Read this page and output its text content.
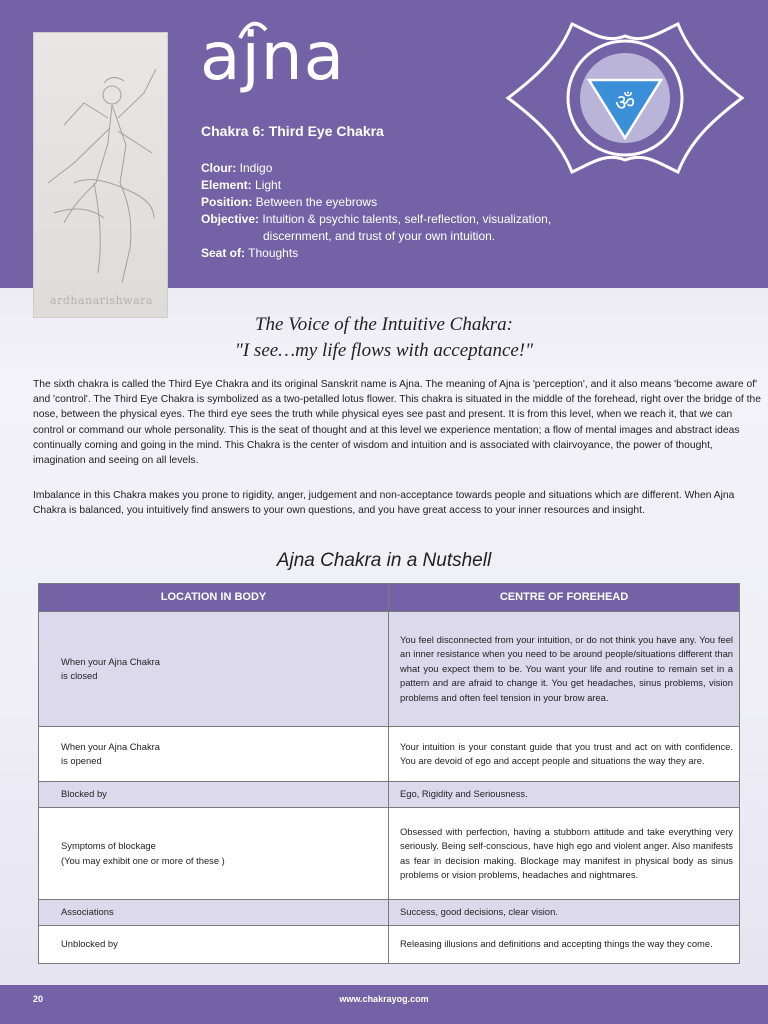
ardhanarishwara
ajna
ॐ
Chakra 6: Third Eye Chakra
Clour: Indigo
Element: Light
Position: Between the eyebrows
Objective: Intuition & psychic talents, self-reflection, visualization,
discernment, and trust of your own intuition.
Seat of: Thoughts
The Voice of the Intuitive Chakra:
"I see…my life flows with acceptance!"
The sixth chakra is called the Third Eye Chakra and its original Sanskrit name is Ajna. The meaning of Ajna is 'perception', and it also means 'become aware of' and 'control'. The Third Eye Chakra is symbolized as a two-petalled lotus flower. This chakra is situated in the middle of the forehead, right over the bridge of the nose, between the physical eyes. The third eye sees the truth while physical eyes see past and present. It is from this level, when we reach it, that we can control or command our whole personality. This is the seat of thought and at this level we experience mentation; a flow of mental images and abstract ideas continually coming and going in the mind. This Chakra is the center of wisdom and intuition and is associated with clairvoyance, the power of thought, imagination and seeing on all levels.
Imbalance in this Chakra makes you prone to rigidity, anger, judgement and non-acceptance towards people and situations which are different. When Ajna Chakra is balanced, you intuitively find answers to your own questions, and you have great access to your inner resources and insight.
Ajna Chakra in a Nutshell
LOCATION IN BODY	CENTRE OF FOREHEAD
When your Ajna Chakra
is closed	You feel disconnected from your intuition, or do not think you have any. You feel an inner resistance when you need to be around people/situations different than what you expect them to be. You want your life and routine to remain set in a pattern and are afraid to change it. You get headaches, sinus problems, vision problems and often feel tension in your brow area.
When your Ajna Chakra
is opened	Your intuition is your constant guide that you trust and act on with confidence. You are devoid of ego and accept people and situations the way they are.
Blocked by	Ego, Rigidity and Seriousness.
Symptoms of blockage
(You may exhibit one or more of these )	Obsessed with perfection, having a stubborn attitude and take everything very seriously. Being self-conscious, have high ego and violent anger. Also manifests as fear in decision making. Blockage may manifest in physical body as sinus problems or vision problems, headaches and nightmares.
Associations	Success, good decisions, clear vision.
Unblocked by	Releasing illusions and definitions and accepting things the way they come.
20	www.chakrayog.com
